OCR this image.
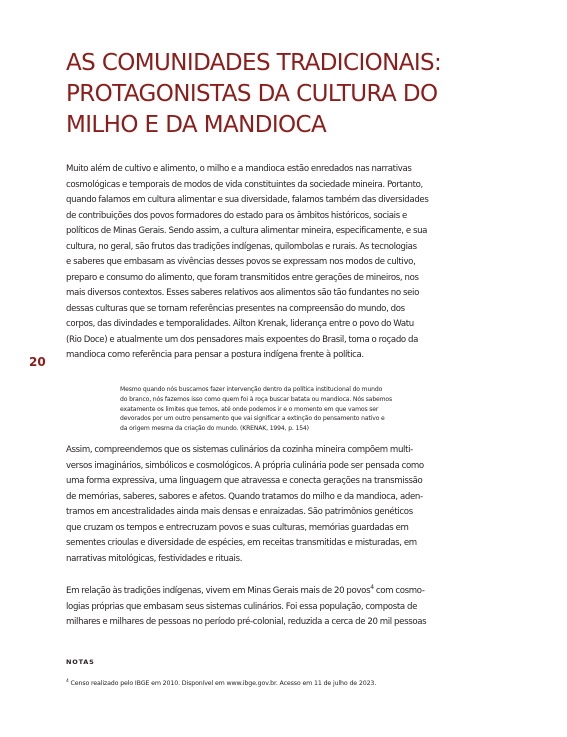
AS COMUNIDADES TRADICIONAIS:
PROTAGONISTAS DA CULTURA DO
MILHO E DA MANDIOCA
Muito além de cultivo e alimento, o milho e a mandioca estão enredados nas narrativas
cosmológicas e temporais de modos de vida constituintes da sociedade mineira. Portanto,
quando falamos em cultura alimentar e sua diversidade, falamos também das diversidades
de contribuições dos povos formadores do estado para os âmbitos históricos, sociais e
políticos de Minas Gerais. Sendo assim, a cultura alimentar mineira, especificamente, e sua
cultura, no geral, são frutos das tradições indígenas, quilombolas e rurais. As tecnologias
e saberes que embasam as vivências desses povos se expressam nos modos de cultivo,
preparo e consumo do alimento, que foram transmitidos entre gerações de mineiros, nos
mais diversos contextos. Esses saberes relativos aos alimentos são tão fundantes no seio
dessas culturas que se tornam referências presentes na compreensão do mundo, dos
corpos, das divindades e temporalidades. Ailton Krenak, liderança entre o povo do Watu
(Rio Doce) e atualmente um dos pensadores mais expoentes do Brasil, toma o roçado da
mandioca como referência para pensar a postura indígena frente à política.
20
Mesmo quando nós buscamos fazer intervenção dentro da política institucional do mundo
do branco, nós fazemos isso como quem foi à roça buscar batata ou mandioca. Nós sabemos
exatamente os limites que temos, até onde podemos ir e o momento em que vamos ser
devorados por um outro pensamento que vai significar a extinção do pensamento nativo e
da origem mesma da criação do mundo. (KRENAK, 1994, p. 154)
Assim, compreendemos que os sistemas culinários da cozinha mineira compõem multi-
versos imaginários, simbólicos e cosmológicos. A própria culinária pode ser pensada como
uma forma expressiva, uma linguagem que atravessa e conecta gerações na transmissão
de memórias, saberes, sabores e afetos. Quando tratamos do milho e da mandioca, aden-
tramos em ancestralidades ainda mais densas e enraizadas. São patrimônios genéticos
que cruzam os tempos e entrecruzam povos e suas culturas, memórias guardadas em
sementes crioulas e diversidade de espécies, em receitas transmitidas e misturadas, em
narrativas mitológicas, festividades e rituais.
Em relação às tradições indígenas, vivem em Minas Gerais mais de 20 povos$^4$ com cosmo-
logias próprias que embasam seus sistemas culinários. Foi essa população, composta de
milhares e milhares de pessoas no período pré-colonial, reduzida a cerca de 20 mil pessoas
NOTAS
$^4$ Censo realizado pelo IBGE em 2010. Disponível em www.ibge.gov.br. Acesso em 11 de julho de 2023.
